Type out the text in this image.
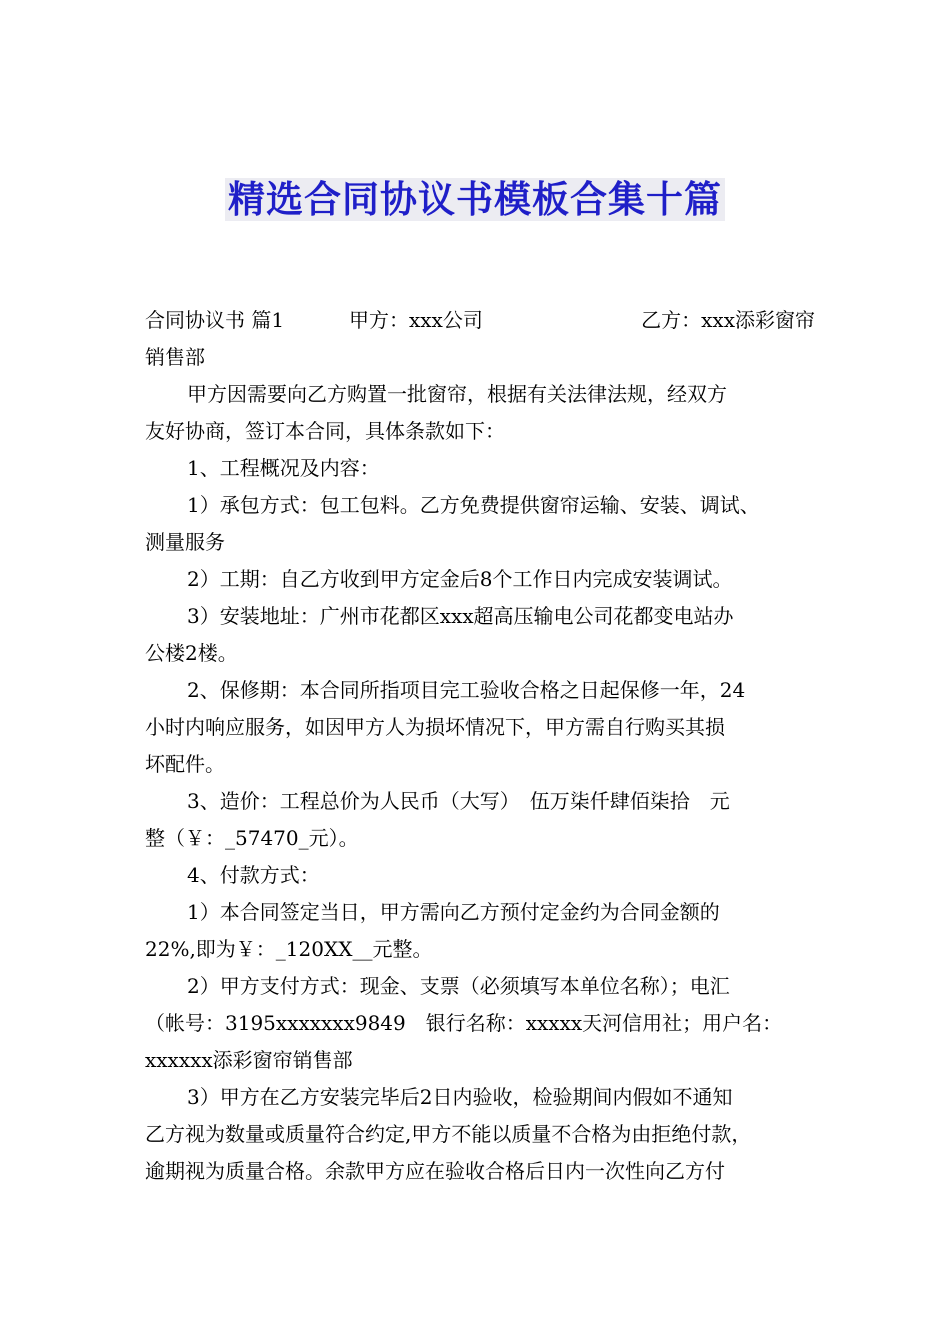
精选合同协议书模板合集十篇
合同协议书 篇1	甲方：xxx公司	乙方：xxx添彩窗帘
销售部
甲方因需要向乙方购置一批窗帘，根据有关法律法规，经双方
友好协商，签订本合同，具体条款如下：
1、工程概况及内容：
1）承包方式：包工包料。乙方免费提供窗帘运输、安装、调试、
测量服务
2）工期：自乙方收到甲方定金后8个工作日内完成安装调试。
3）安装地址：广州市花都区xxx超高压输电公司花都变电站办
公楼2楼。
2、保修期：本合同所指项目完工验收合格之日起保修一年，24
小时内响应服务，如因甲方人为损坏情况下，甲方需自行购买其损
坏配件。
3、造价：工程总价为人民币（大写）　伍万柒仟肆佰柒拾　元
整（￥：_57470_元）。
4、付款方式：
1）本合同签定当日，甲方需向乙方预付定金约为合同金额的
22%,即为￥：_120XX__元整。
2）甲方支付方式：现金、支票（必须填写本单位名称）；电汇
（帐号：3195xxxxxxx9849　银行名称：xxxxx天河信用社；用户名：
xxxxxx添彩窗帘销售部
3）甲方在乙方安装完毕后2日内验收，检验期间内假如不通知
乙方视为数量或质量符合约定,甲方不能以质量不合格为由拒绝付款，
逾期视为质量合格。余款甲方应在验收合格后日内一次性向乙方付
